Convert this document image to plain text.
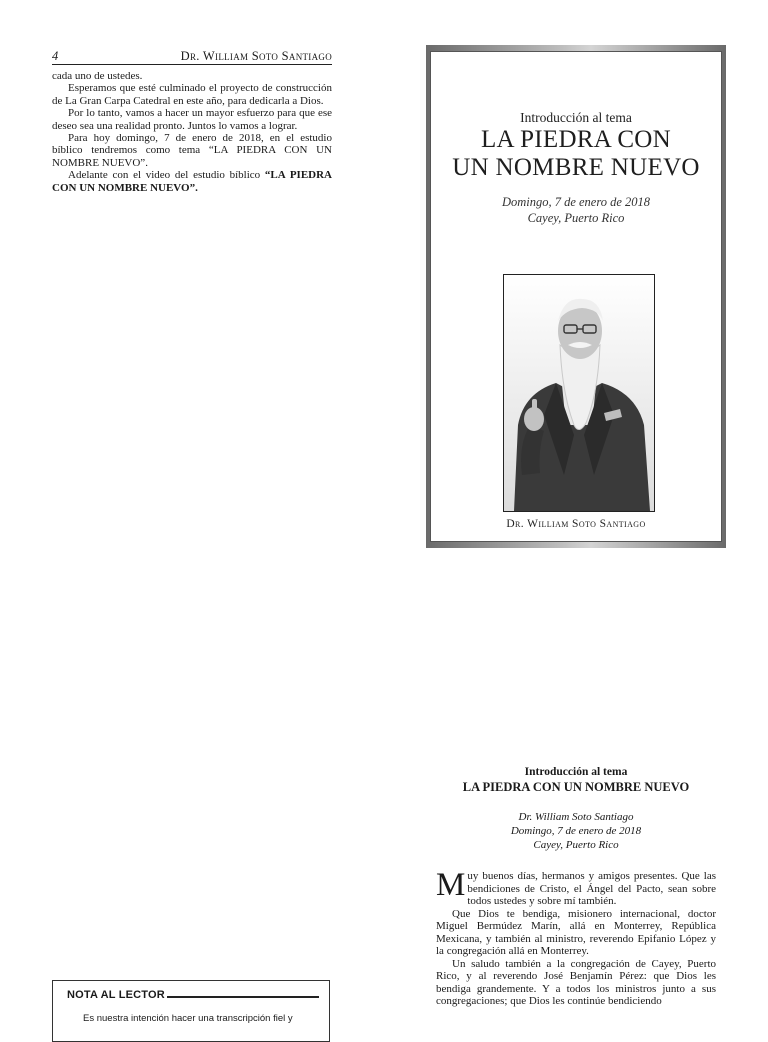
4	Dr. William Soto Santiago

cada uno de ustedes.

Esperamos que esté culminado el proyecto de construcción de La Gran Carpa Catedral en este año, para dedicarla a Dios.

Por lo tanto, vamos a hacer un mayor esfuerzo para que ese deseo sea una realidad pronto. Juntos lo vamos a lograr.

Para hoy domingo, 7 de enero de 2018, en el estudio bíblico tendremos como tema “LA PIEDRA CON UN NOMBRE NUEVO”.

Adelante con el video del estudio bíblico “LA PIEDRA CON UN NOMBRE NUEVO”.

Introducción al tema
LA PIEDRA CON
UN NOMBRE NUEVO
Domingo, 7 de enero de 2018
Cayey, Puerto Rico
Dr. William Soto Santiago
Introducción al tema
LA PIEDRA CON UN NOMBRE NUEVO
Dr. William Soto Santiago
Domingo, 7 de enero de 2018
Cayey, Puerto Rico

Muy buenos días, hermanos y amigos presentes. Que las bendiciones de Cristo, el Ángel del Pacto, sean sobre todos ustedes y sobre mí también.

Que Dios te bendiga, misionero internacional, doctor Miguel Bermúdez Marín, allá en Monterrey, República Mexicana, y también al ministro, reverendo Epifanio López y la congregación allá en Monterrey.

Un saludo también a la congregación de Cayey, Puerto Rico, y al reverendo José Benjamín Pérez: que Dios les bendiga grandemente. Y a todos los ministros junto a sus congregaciones; que Dios les continúe bendiciendo

NOTA AL LECTOR
Es nuestra intención hacer una transcripción fiel y
